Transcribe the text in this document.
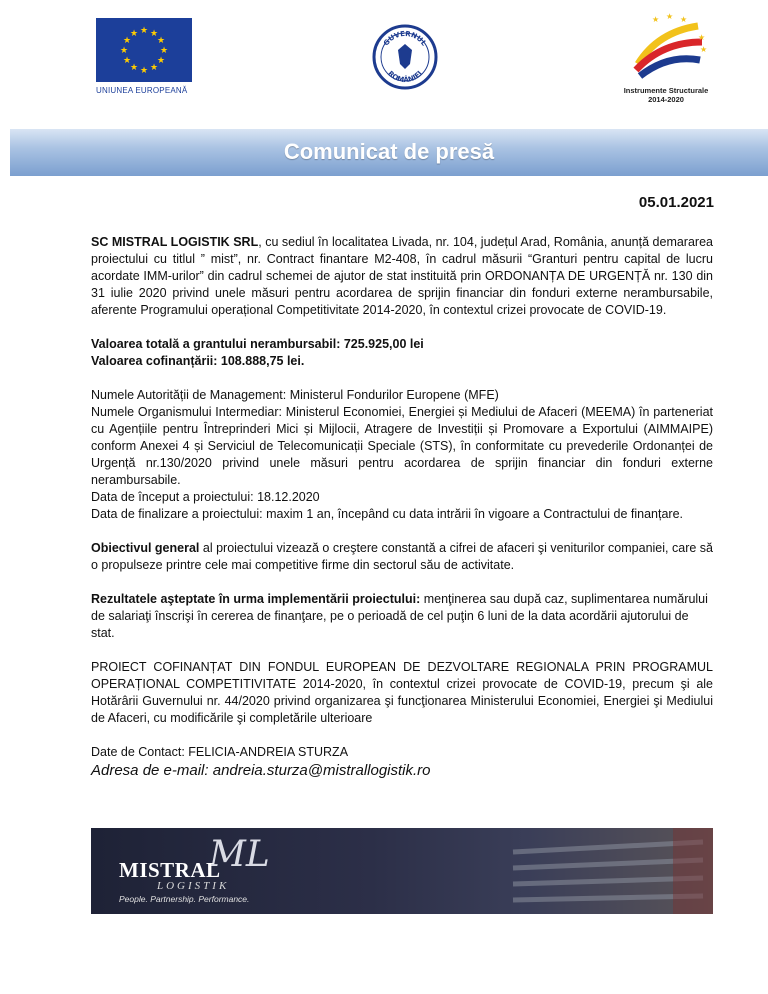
★ ★
★
★
★
★
★
★
★
★
★
★
UNIUNEA EUROPEANĂ
GUVERNUL
ROMÂNIEI
★ ★ ★
★
★
★
Instrumente Structurale
2014-2020
Comunicat de presă
05.01.2021

SC MISTRAL LOGISTIK SRL, cu sediul în localitatea Livada, nr. 104, județul Arad, România, anunță demararea proiectului cu titlul ” mist”, nr. Contract finantare M2-408, în cadrul măsurii “Granturi pentru capital de lucru acordate IMM-urilor” din cadrul schemei de ajutor de stat instituită prin ORDONANȚA DE URGENȚĂ nr. 130 din 31 iulie 2020 privind unele măsuri pentru acordarea de sprijin financiar din fonduri externe nerambursabile, aferente Programului operațional Competitivitate 2014-2020, în contextul crizei provocate de COVID-19.

Valoarea totală a grantului nerambursabil: 725.925,00 lei

Valoarea cofinanțării: 108.888,75 lei.

Numele Autorității de Management: Ministerul Fondurilor Europene (MFE)

Numele Organismului Intermediar: Ministerul Economiei, Energiei și Mediului de Afaceri (MEEMA) în parteneriat cu Agențiile pentru Întreprinderi Mici și Mijlocii, Atragere de Investiții și Promovare a Exportului (AIMMAIPE) conform Anexei 4 și Serviciul de Telecomunicații Speciale (STS), în conformitate cu prevederile Ordonanței de Urgență nr.130/2020 privind unele măsuri pentru acordarea de sprijin financiar din fonduri externe nerambursabile.

Data de început a proiectului: 18.12.2020

Data de finalizare a proiectului: maxim 1 an, începând cu data intrării în vigoare a Contractului de finanțare.

Obiectivul general al proiectului vizează o creştere constantă a cifrei de afaceri şi veniturilor companiei, care să o propulseze printre cele mai competitive firme din sectorul său de activitate.

Rezultatele aşteptate în urma implementării proiectului: menţinerea sau după caz, suplimentarea numărului de salariaţi înscrişi în cererea de finanţare, pe o perioadă de cel puţin 6 luni de la data acordării ajutorului de stat.

PROIECT COFINANȚAT DIN FONDUL EUROPEAN DE DEZVOLTARE REGIONALA PRIN PROGRAMUL OPERAȚIONAL COMPETITIVITATE 2014-2020, în contextul crizei provocate de COVID-19, precum şi ale Hotărârii Guvernului nr. 44/2020 privind organizarea şi funcţionarea Ministerului Economiei, Energiei şi Mediului de Afaceri, cu modificările şi completările ulterioare

Date de Contact: FELICIA-ANDREIA STURZA

Adresa de e-mail: andreia.sturza@mistrallogistik.ro

ML
MISTRAL
LOGISTIK
People. Partnership. Performance.
